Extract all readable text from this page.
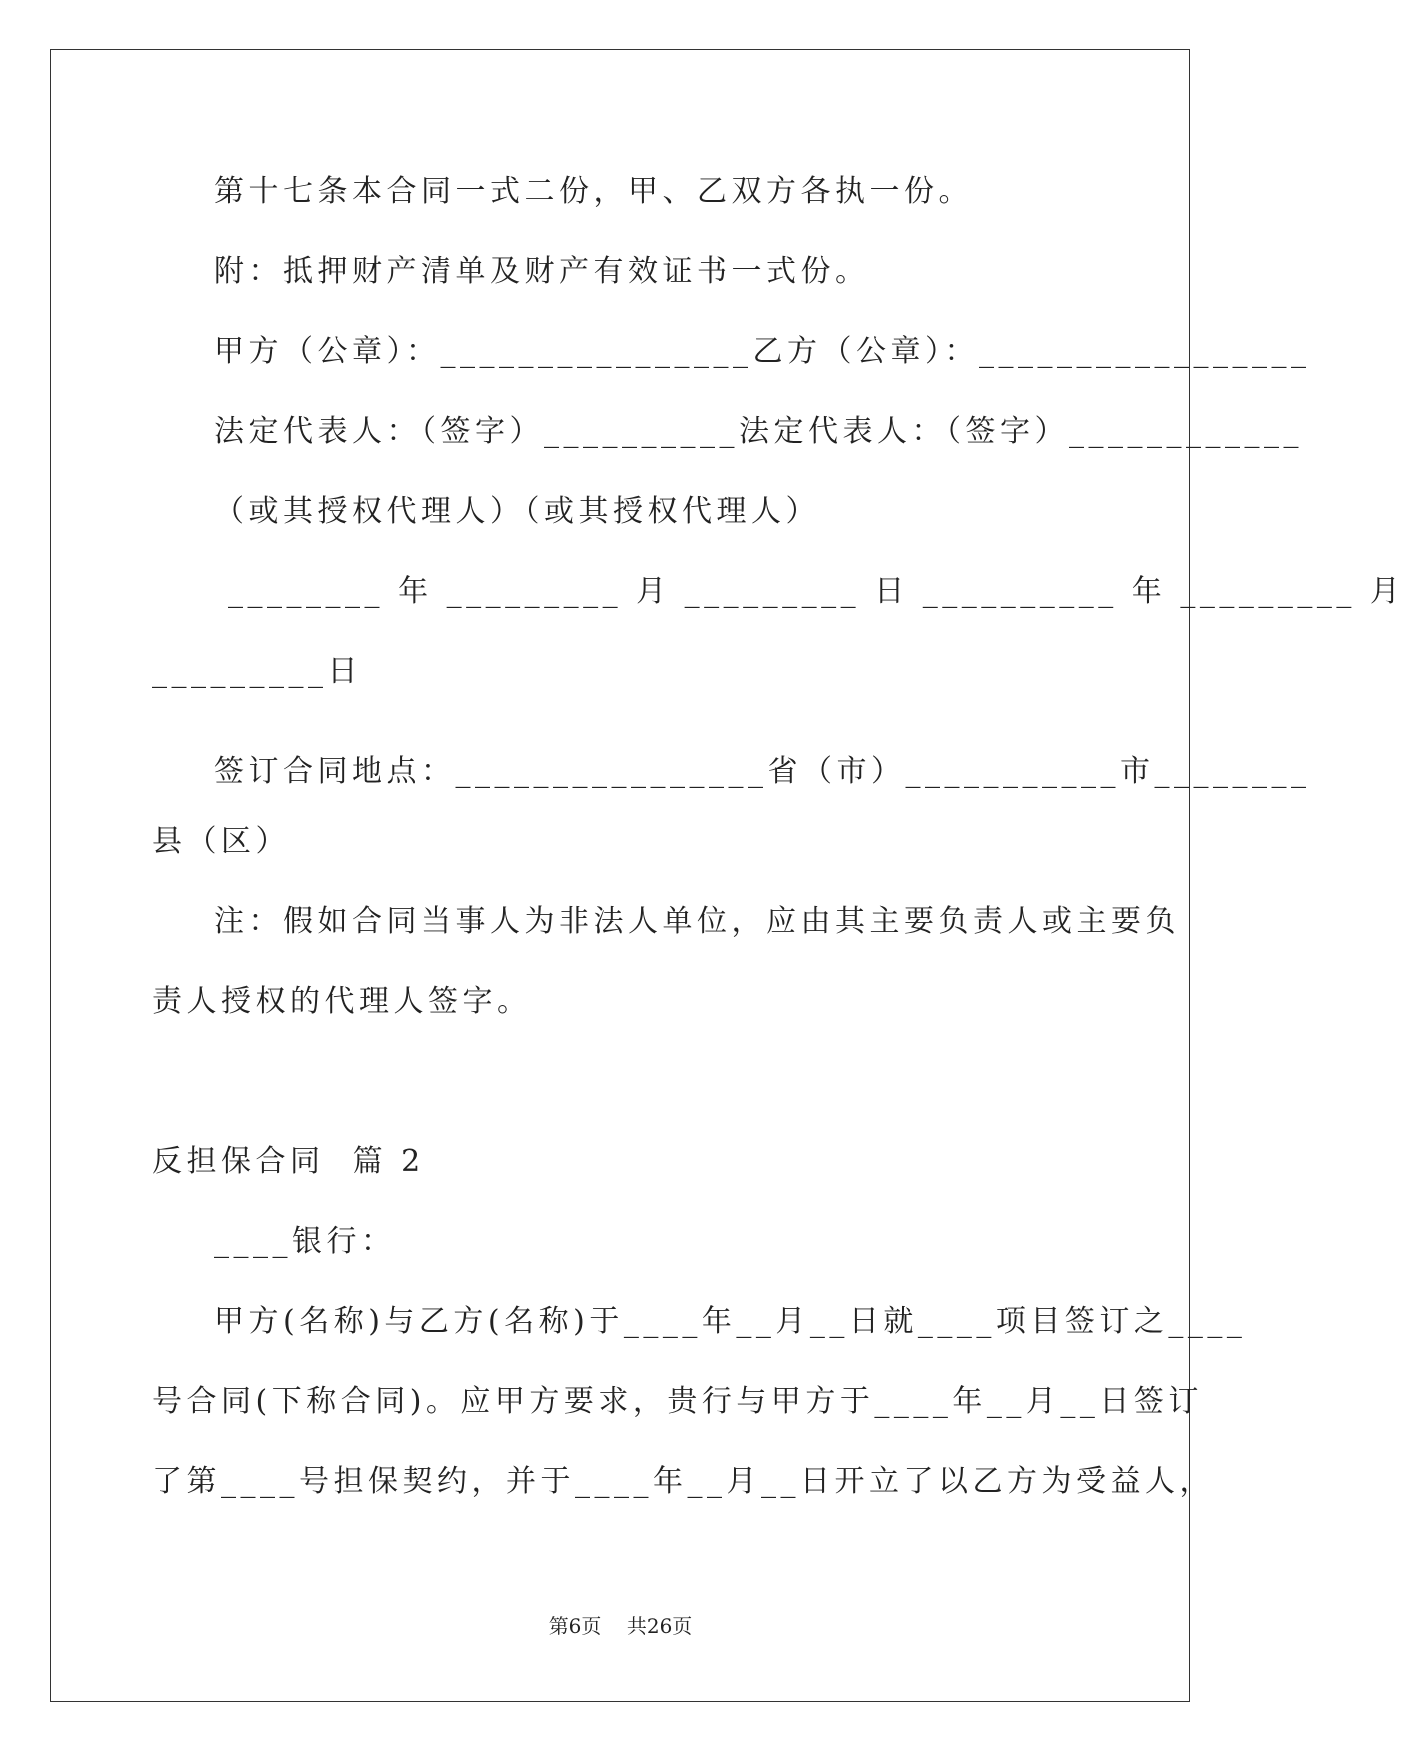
第十七条本合同一式二份，甲、乙双方各执一份。
附：抵押财产清单及财产有效证书一式份。
甲方（公章）：________________乙方（公章）：_________________
法定代表人：（签字）__________法定代表人：（签字）____________
（或其授权代理人）（或其授权代理人）
________ 年 _________ 月 _________ 日 __________ 年 _________ 月
_________日
签订合同地点：________________省（市）___________市________
县（区）
注：假如合同当事人为非法人单位，应由其主要负责人或主要负
责人授权的代理人签字。
反担保合同  篇 2
____银行：
甲方(名称)与乙方(名称)于____年__月__日就____项目签订之____
号合同(下称合同)。应甲方要求，贵行与甲方于____年__月__日签订
了第____号担保契约，并于____年__月__日开立了以乙方为受益人，
第6页    共26页
